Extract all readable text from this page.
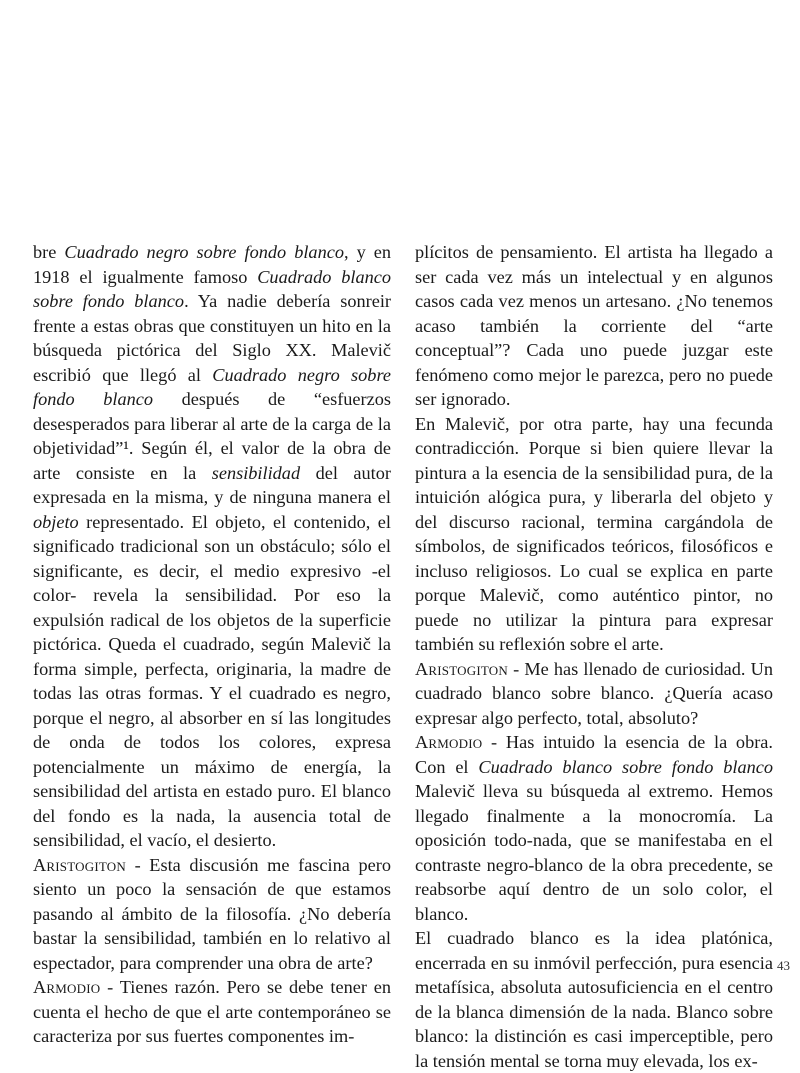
bre Cuadrado negro sobre fondo blanco, y en 1918 el igualmente famoso Cuadrado blanco sobre fondo blanco. Ya nadie debería sonreir frente a estas obras que constituyen un hito en la búsqueda pictórica del Siglo XX. Malevič escribió que llegó al Cuadrado negro sobre fondo blanco después de “esfuerzos desesperados para liberar al arte de la carga de la objetividad”¹. Según él, el valor de la obra de arte consiste en la sensibilidad del autor expresada en la misma, y de ninguna manera el objeto representado. El objeto, el contenido, el significado tradicional son un obstáculo; sólo el significante, es decir, el medio expresivo -el color- revela la sensibilidad. Por eso la expulsión radical de los objetos de la superficie pictórica. Queda el cuadrado, según Malevič la forma simple, perfecta, originaria, la madre de todas las otras formas. Y el cuadrado es negro, porque el negro, al absorber en sí las longitudes de onda de todos los colores, expresa potencialmente un máximo de energía, la sensibilidad del artista en estado puro. El blanco del fondo es la nada, la ausencia total de sensibilidad, el vacío, el desierto.

Aristogiton - Esta discusión me fascina pero siento un poco la sensación de que estamos pasando al ámbito de la filosofía. ¿No debería bastar la sensibilidad, también en lo relativo al espectador, para comprender una obra de arte?

Armodio - Tienes razón. Pero se debe tener en cuenta el hecho de que el arte contemporáneo se caracteriza por sus fuertes componentes im-

plícitos de pensamiento. El artista ha llegado a ser cada vez más un intelectual y en algunos casos cada vez menos un artesano. ¿No tenemos acaso también la corriente del “arte conceptual”? Cada uno puede juzgar este fenómeno como mejor le parezca, pero no puede ser ignorado.

En Malevič, por otra parte, hay una fecunda contradicción. Porque si bien quiere llevar la pintura a la esencia de la sensibilidad pura, de la intuición alógica pura, y liberarla del objeto y del discurso racional, termina cargándola de símbolos, de significados teóricos, filosóficos e incluso religiosos. Lo cual se explica en parte porque Malevič, como auténtico pintor, no puede no utilizar la pintura para expresar también su reflexión sobre el arte.

Aristogiton - Me has llenado de curiosidad. Un cuadrado blanco sobre blanco. ¿Quería acaso expresar algo perfecto, total, absoluto?

Armodio - Has intuido la esencia de la obra. Con el Cuadrado blanco sobre fondo blanco Malevič lleva su búsqueda al extremo. Hemos llegado finalmente a la monocromía. La oposición todo-nada, que se manifestaba en el contraste negro-blanco de la obra precedente, se reabsorbe aquí dentro de un solo color, el blanco.

El cuadrado blanco es la idea platónica, encerrada en su inmóvil perfección, pura esencia metafísica, absoluta autosuficiencia en el centro de la blanca dimensión de la nada. Blanco sobre blanco: la distinción es casi imperceptible, pero la tensión mental se torna muy elevada, los ex-

43
